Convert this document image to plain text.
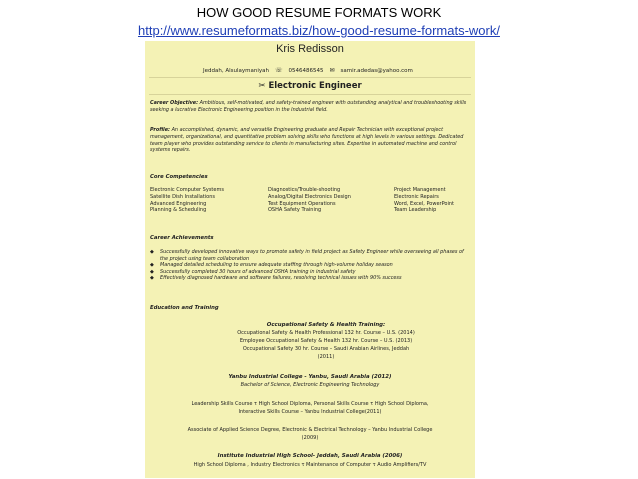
HOW GOOD RESUME FORMATS WORK
http://www.resumeformats.biz/how-good-resume-formats-work/
Kris Redisson
Jeddah, Alsulaymaniyah ☏ 0546486545 ✉ samir.adedas@yahoo.com
✂ Electronic Engineer

Career Objective: Ambitious, self-motivated, and safety-trained engineer with outstanding analytical and troubleshooting skills seeking a lucrative Electronic Engineering position in the Industrial field.

Profile: An accomplished, dynamic, and versatile Engineering graduate and Repair Technician with exceptional project management, organizational, and quantitative problem solving skills who functions at high levels in various settings. Dedicated team player who provides outstanding service to clients in manufacturing sites. Expertise in automated machine and control systems repairs.

Core Competencies
Electronic Computer Systems	Diagnostics/Trouble-shooting	Project Management
Satellite Dish Installations	Analog/Digital Electronics Design	Electronic Repairs
Advanced Engineering	Test Equipment Operations	Word, Excel, PowerPoint
Planning & Scheduling	OSHA Safety Training	Team Leadership
Career Achievements
◆	Successfully developed innovative ways to promote safety in field project as Safety Engineer while overseeing all phases of the project using team collaboration
◆	Managed detailed scheduling to ensure adequate staffing through high-volume holiday season
◆	Successfully completed 30 hours of advanced OSHA training in industrial safety
◆	Effectively diagnosed hardware and software failures, resolving technical issues with 90% success
Education and Training
Occupational Safety & Health Training:
Occupational Safety & Health Professional 132 hr. Course – U.S. (2014)
Employee Occupational Safety & Health 132 hr. Course – U.S. (2013)
Occupational Safety 30 hr. Course – Saudi Arabian Airlines, Jeddah
(2011)
Yanbu Industrial College - Yanbu, Saudi Arabia (2012)
Bachelor of Science, Electronic Engineering Technology
Leadership Skills Course τ High School Diploma, Personal Skills Course τ High School Diploma,
Interactive Skills Course – Yanbu Industrial College(2011)
Associate of Applied Science Degree, Electronic & Electrical Technology – Yanbu Industrial College
(2009)
Institute Industrial High School- Jeddah, Saudi Arabia (2006)
High School Diploma , Industry Electronics τ Maintenance of Computer τ Audio Amplifiers/TV
